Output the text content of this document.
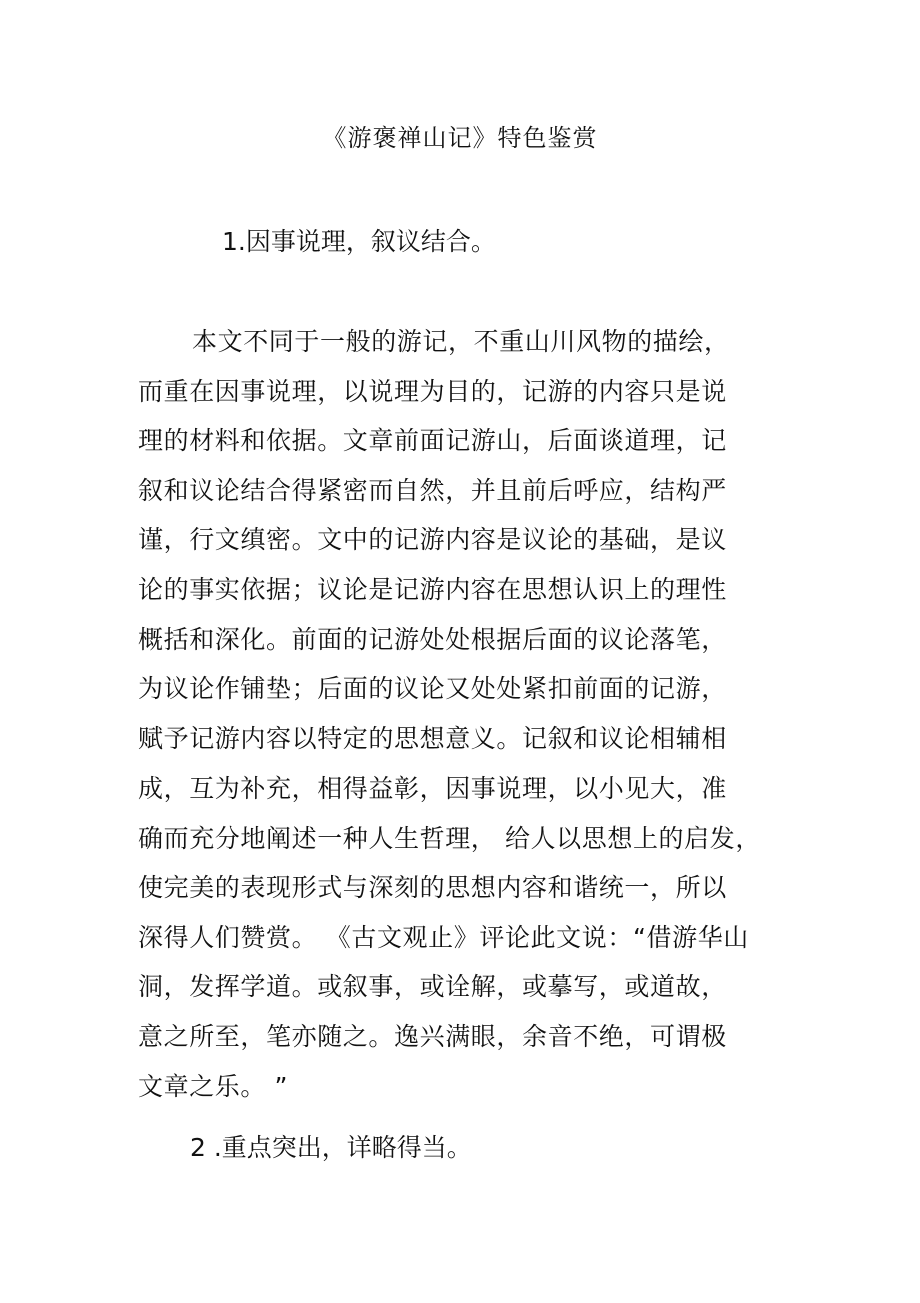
《游褒禅山记》特色鉴赏
1.因事说理，叙议结合。
本文不同于一般的游记，不重山川风物的描绘，
而重在因事说理，以说理为目的，记游的内容只是说
理的材料和依据。文章前面记游山，后面谈道理，记
叙和议论结合得紧密而自然，并且前后呼应，结构严
谨，行文缜密。文中的记游内容是议论的基础，是议
论的事实依据；议论是记游内容在思想认识上的理性
概括和深化。前面的记游处处根据后面的议论落笔，
为议论作铺垫；后面的议论又处处紧扣前面的记游，
赋予记游内容以特定的思想意义。记叙和议论相辅相
成，互为补充，相得益彰，因事说理，以小见大，准
确而充分地阐述一种人生哲理， 给人以思想上的启发，
使完美的表现形式与深刻的思想内容和谐统一，所以
深得人们赞赏。 《古文观止》评论此文说：“借游华山
洞，发挥学道。或叙事，或诠解，或摹写，或道故，
意之所至，笔亦随之。逸兴满眼，余音不绝，可谓极
文章之乐。 ”
2 .重点突出，详略得当。
